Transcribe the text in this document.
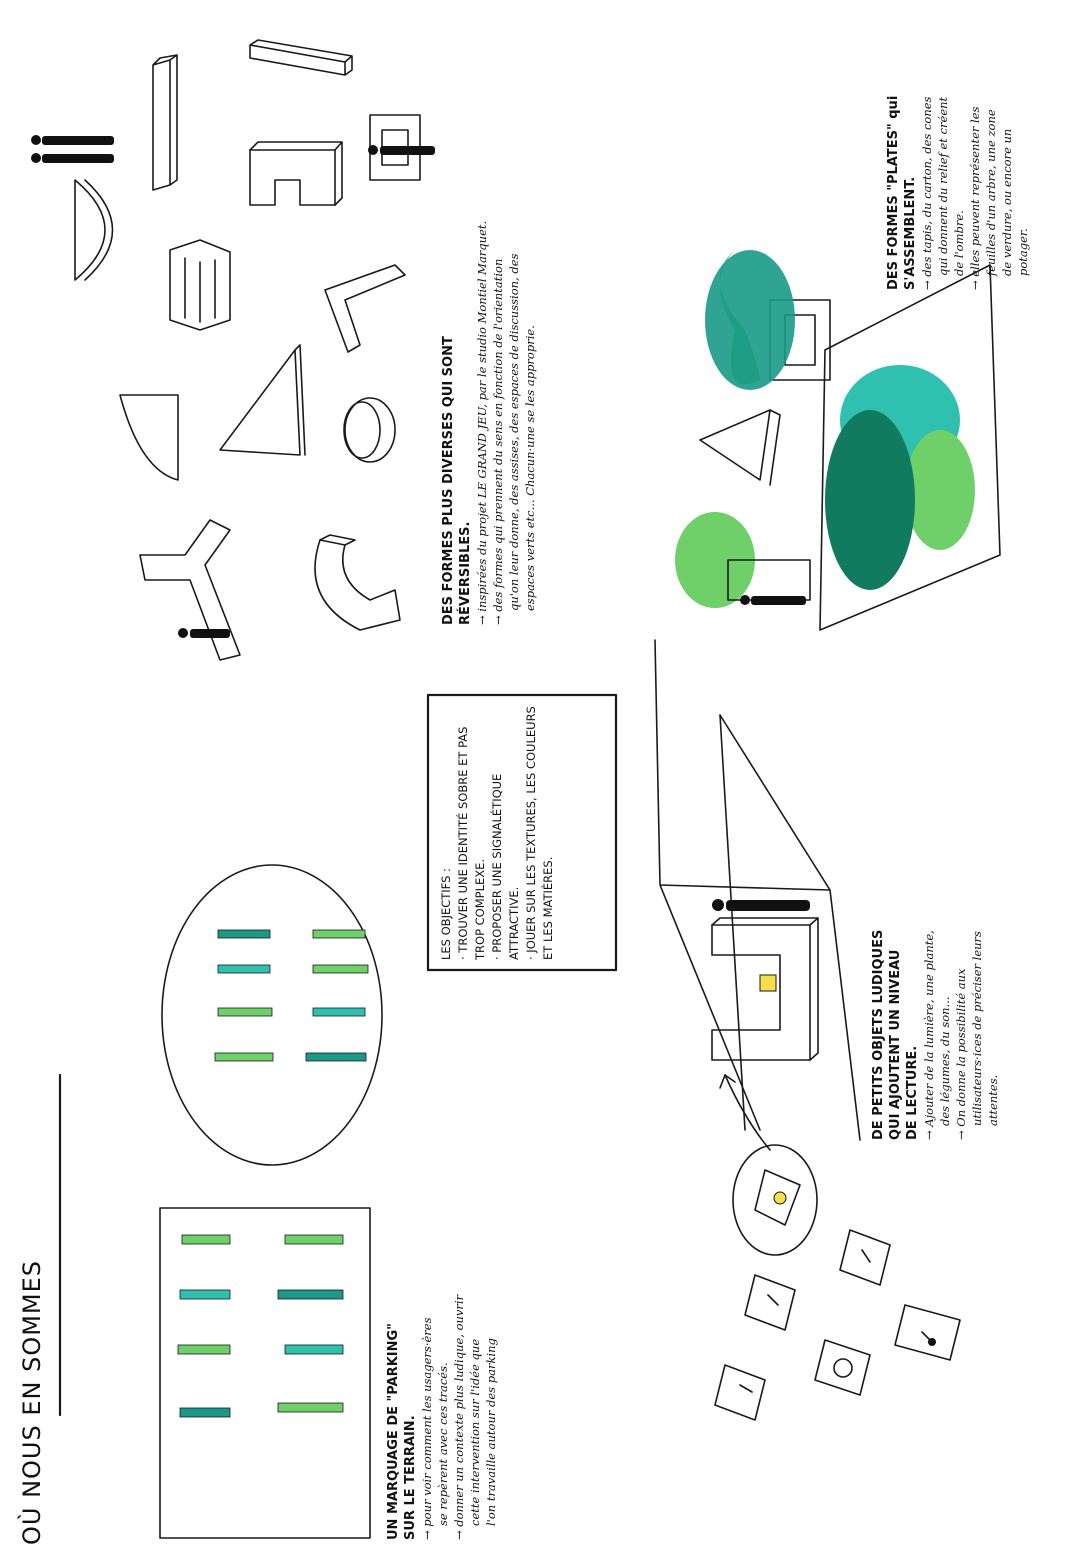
OÙ NOUS EN SOMMES	UN MARQUAGE DE "PARKING" SUR LE TERRAIN. → pour voir comment les usagers·ères se repèrent avec ces tracés. → donner un contexte plus ludique, ouvrir cette intervention sur l'idée que l'on travaille autour des parking
LES OBJECTIFS : · TROUVER UNE IDENTITÉ SOBRE ET PAS TROP COMPLEXE. · PROPOSER UNE SIGNALÉTIQUE ATTRACTIVE. · JOUER SUR LES TEXTURES, LES COULEURS ET LES MATIÈRES.
DES FORMES PLUS DIVERSES QUI SONT RÉVERSIBLES. → inspirées du projet LE GRAND JEU, par le studio Montiel Marquet. → des formes qui prennent du sens en fonction de l'orientation qu'on leur donne, des assises, des espaces de discussion, des espaces verts etc... Chacun·une se les approprie.
DE PETITS OBJETS LUDIQUES QUI AJOUTENT UN NIVEAU DE LECTURE. → Ajouter de la lumière, une plante, des légumes, du son... → On donne la possibilité aux utilisateurs·ices de préciser leurs attentes.
DES FORMES "PLATES" qui S'ASSEMBLENT. → des tapis, du carton, des cones qui donnent du relief et créent de l'ombre. → elles peuvent représenter les feuilles d'un arbre, une zone de verdure, ou encore un potager.
